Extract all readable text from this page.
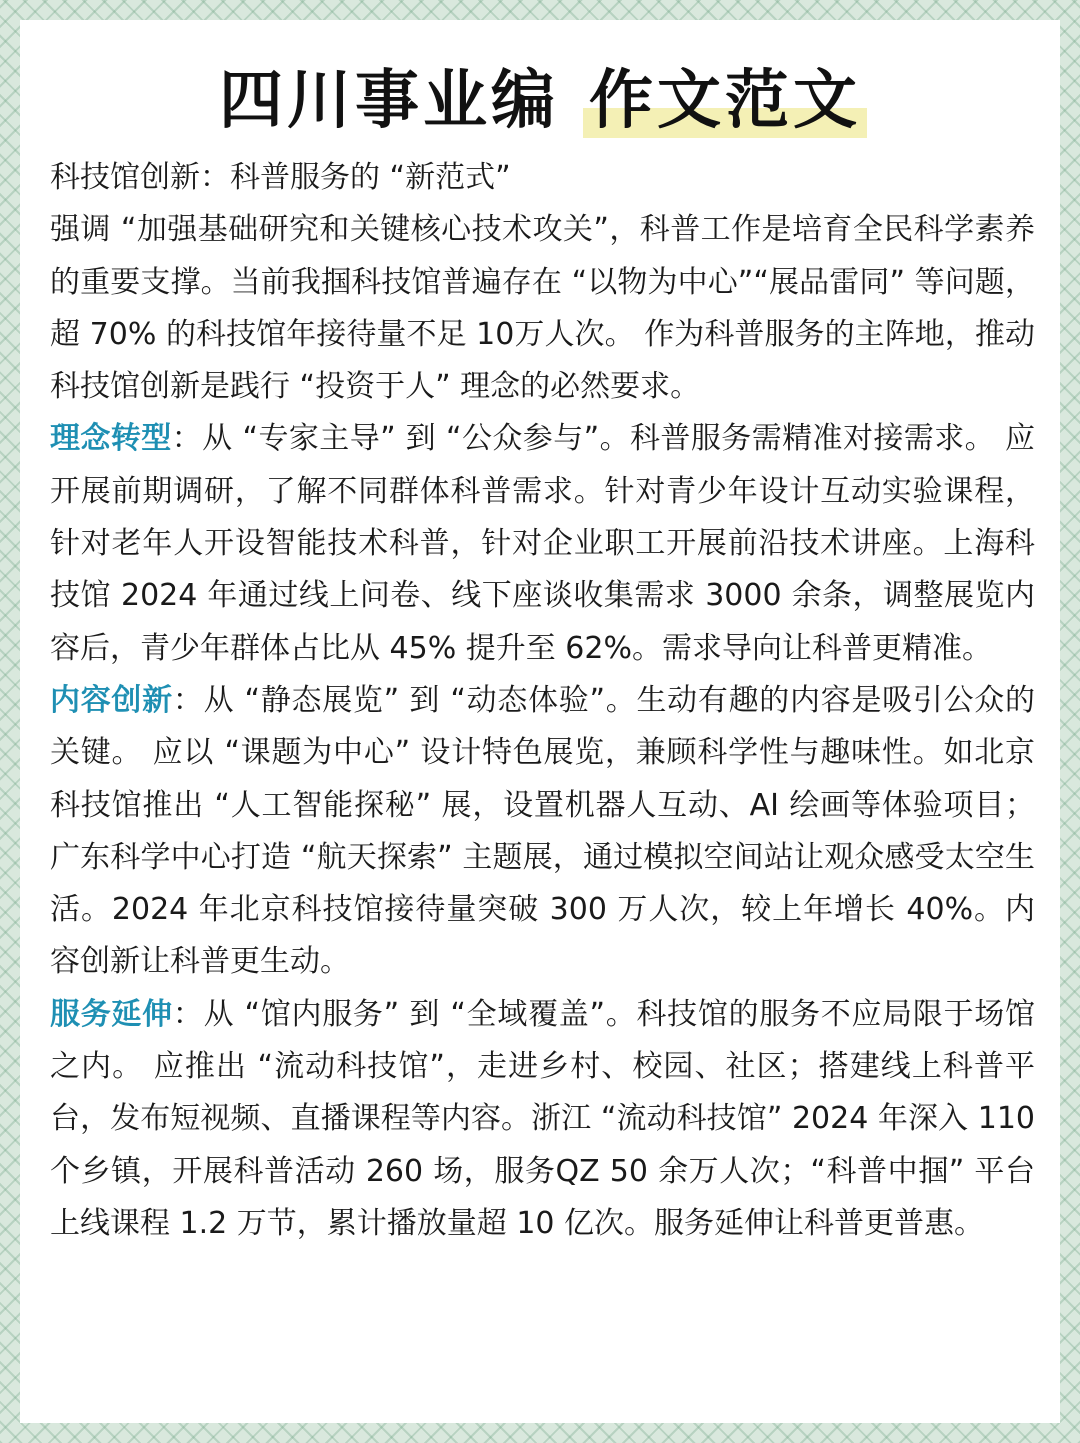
四川事业编 作文范文

科技馆创新：科普服务的 “新范式”

强调 “加强基础研究和关键核心技术攻关”，科普工作是培育全民科学素养的重要支撑。当前我掴科技馆普遍存在 “以物为中心”“展品雷同” 等问题，超 70% 的科技馆年接待量不足 10万人次。 作为科普服务的主阵地，推动科技馆创新是践行 “投资于人” 理念的必然要求。

理念转型：从 “专家主导” 到 “公众参与”。科普服务需精准对接需求。 应开展前期调研，了解不同群体科普需求。针对青少年设计互动实验课程，针对老年人开设智能技术科普，针对企业职工开展前沿技术讲座。上海科技馆 2024 年通过线上问卷、线下座谈收集需求 3000 余条，调整展览内容后，青少年群体占比从 45% 提升至 62%。需求导向让科普更精准。

内容创新：从 “静态展览” 到 “动态体验”。生动有趣的内容是吸引公众的关键。 应以 “课题为中心” 设计特色展览，兼顾科学性与趣味性。如北京科技馆推出 “人工智能探秘” 展，设置机器人互动、AI 绘画等体验项目；广东科学中心打造 “航天探索” 主题展，通过模拟空间站让观众感受太空生活。2024 年北京科技馆接待量突破 300 万人次，较上年增长 40%。内容创新让科普更生动。

服务延伸：从 “馆内服务” 到 “全域覆盖”。科技馆的服务不应局限于场馆之内。 应推出 “流动科技馆”，走进乡村、校园、社区；搭建线上科普平台，发布短视频、直播课程等内容。浙江 “流动科技馆” 2024 年深入 110 个乡镇，开展科普活动 260 场，服务QZ 50 余万人次；“科普中掴” 平台上线课程 1.2 万节，累计播放量超 10 亿次。服务延伸让科普更普惠。
